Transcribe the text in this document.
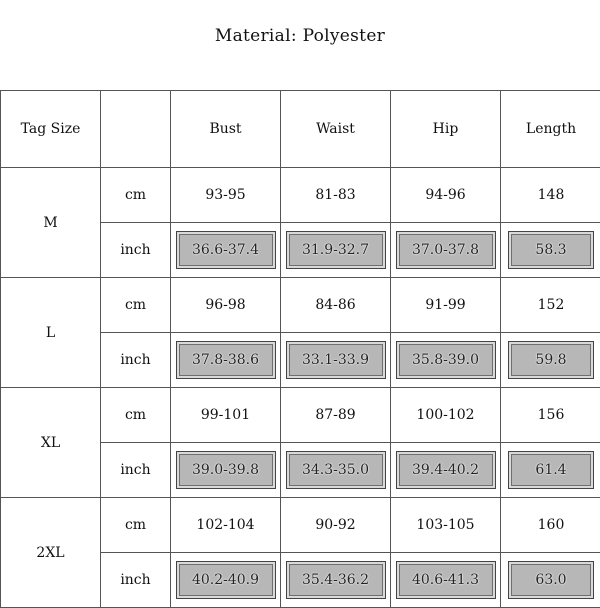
Material: Polyester
Tag Size		Bust	Waist	Hip	Length
M	cm	93-95	81-83	94-96	148
	inch	36.6-37.4	31.9-32.7	37.0-37.8	58.3

L	cm	96-98	84-86	91-99	152
	inch	37.8-38.6	33.1-33.9	35.8-39.0	59.8

XL	cm	99-101	87-89	100-102	156
	inch	39.0-39.8	34.3-35.0	39.4-40.2	61.4

2XL	cm	102-104	90-92	103-105	160
	inch	40.2-40.9	35.4-36.2	40.6-41.3	63.0
